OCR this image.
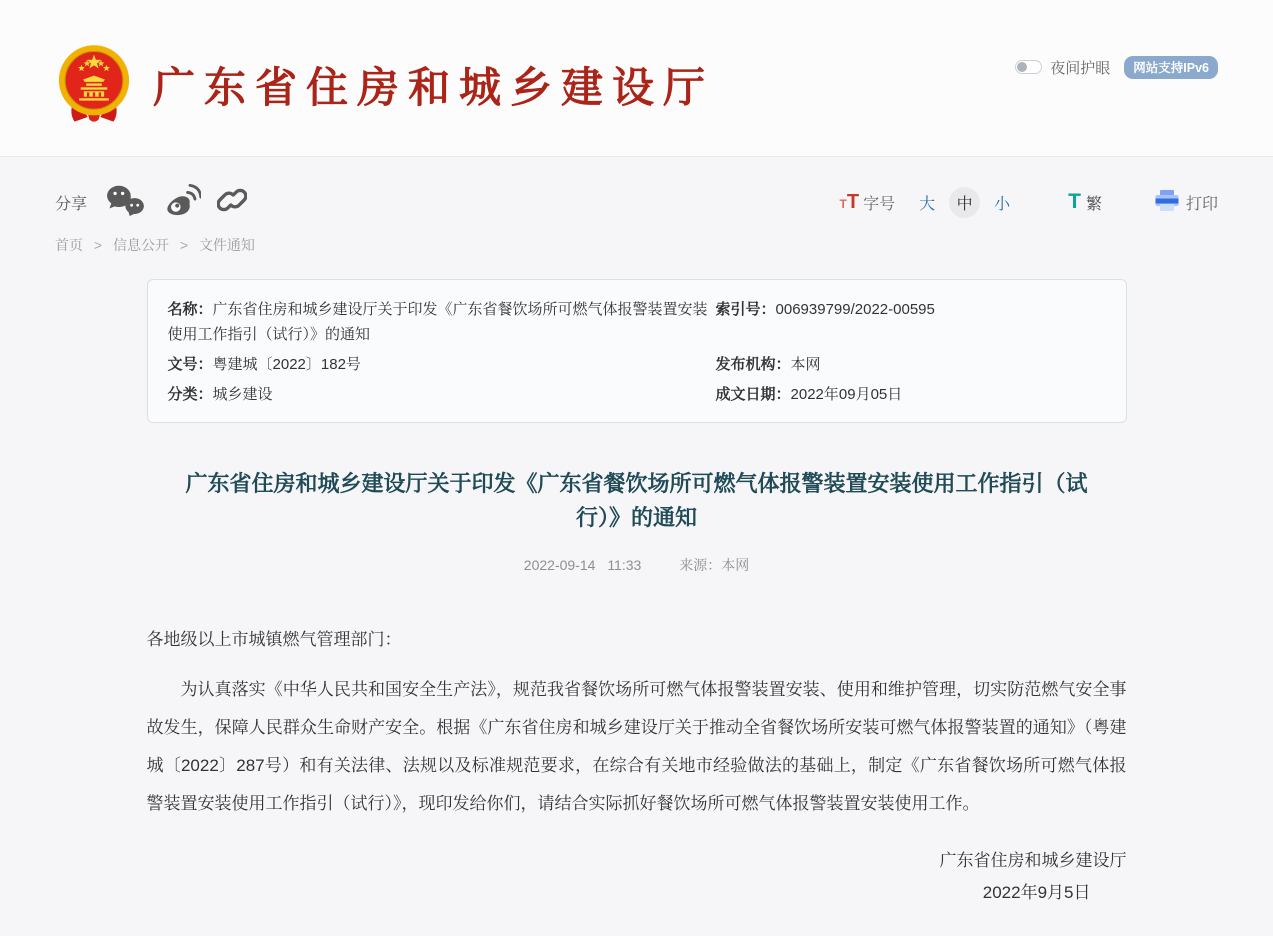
广东省住房和城乡建设厅	夜间护眼	网站支持IPv6
分享	TT 字号 大	中	小	T 繁	打印
首页 > 信息公开 > 文件通知

名称：广东省住房和城乡建设厅关于印发《广东省餐饮场所可燃气体报警装置安装使用工作指引（试行）》的通知

索引号：006939799/2022-00595

文号：粤建城〔2022〕182号	发布机构：本网

分类：城乡建设	成文日期：2022年09月05日

广东省住房和城乡建设厅关于印发《广东省餐饮场所可燃气体报警装置安装使用工作指引（试行）》的通知
2022-09-14 11:33	来源：本网

各地级以上市城镇燃气管理部门：

为认真落实《中华人民共和国安全生产法》，规范我省餐饮场所可燃气体报警装置安装、使用和维护管理，切实防范燃气安全事故发生，保障人民群众生命财产安全。根据《广东省住房和城乡建设厅关于推动全省餐饮场所安装可燃气体报警装置的通知》（粤建城〔2022〕287号）和有关法律、法规以及标准规范要求，在综合有关地市经验做法的基础上，制定《广东省餐饮场所可燃气体报警装置安装使用工作指引（试行）》，现印发给你们，请结合实际抓好餐饮场所可燃气体报警装置安装使用工作。

广东省住房和城乡建设厅
2022年9月5日
